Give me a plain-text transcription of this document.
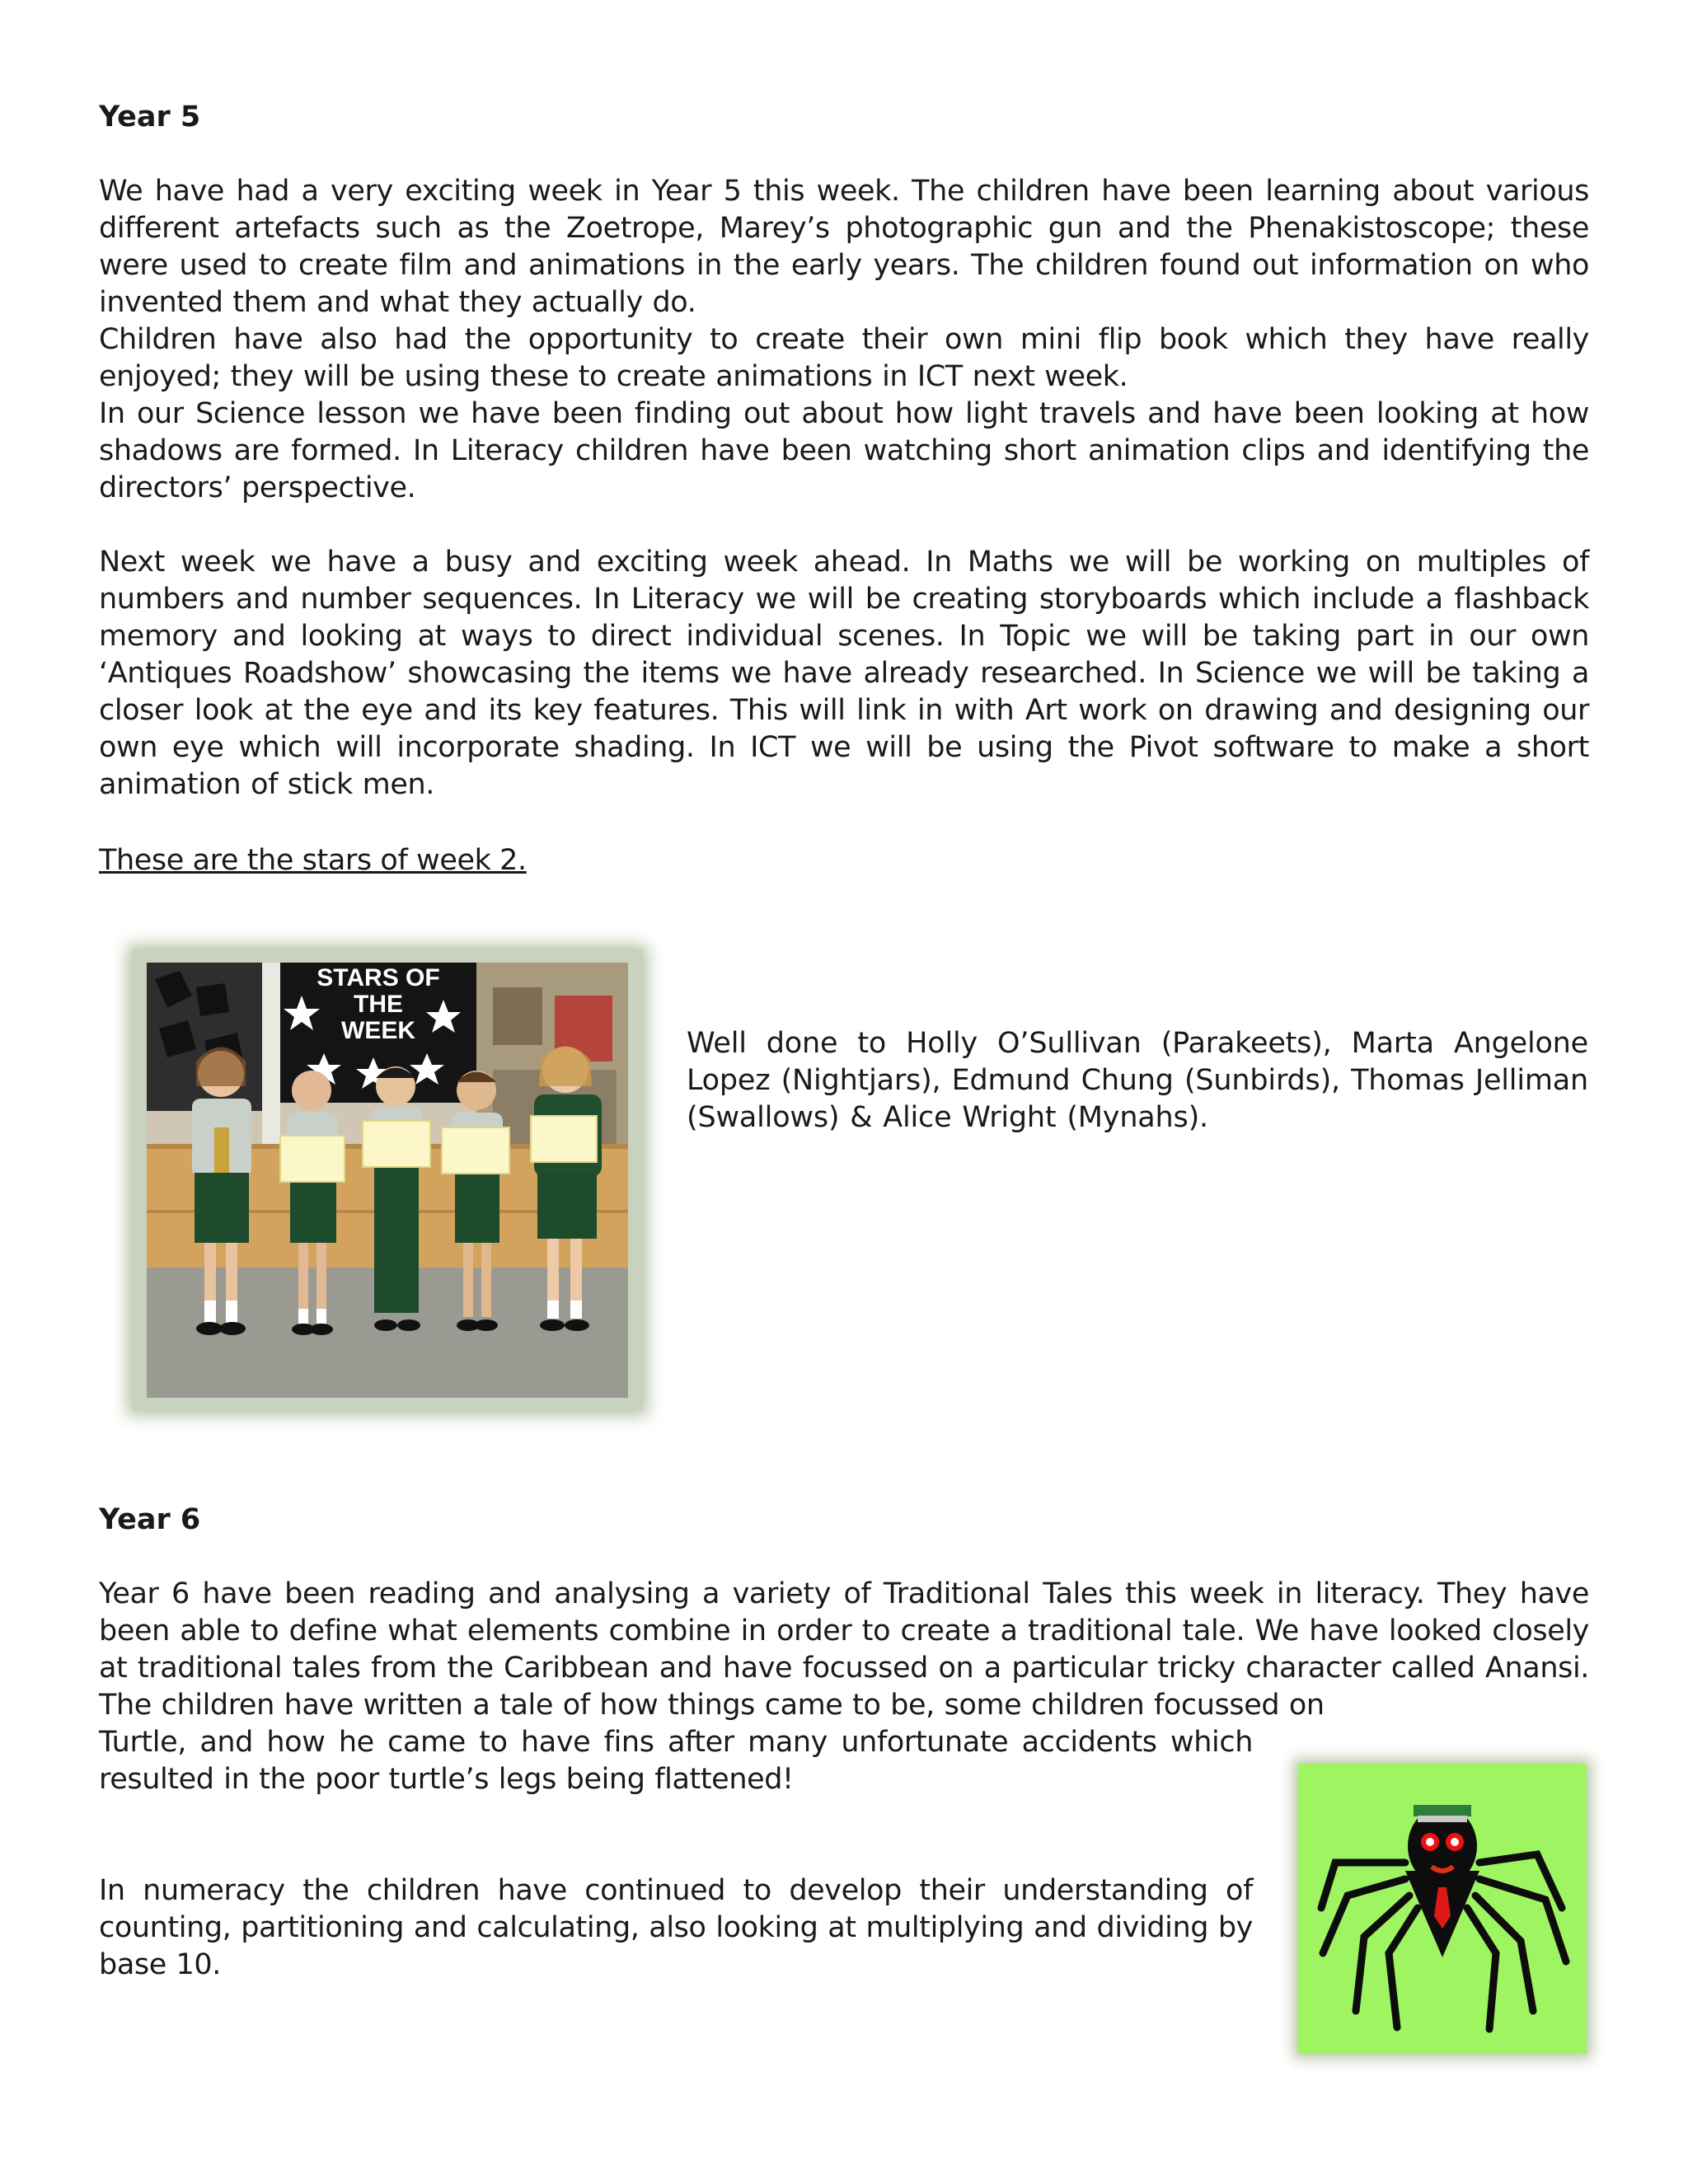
Year 5

We have had a very exciting week in Year 5 this week. The children have been learning about various different artefacts such as the Zoetrope, Marey’s photographic gun and the Phenakistoscope; these were used to create film and animations in the early years. The children found out information on who invented them and what they actually do.

Children have also had the opportunity to create their own mini flip book which they have really enjoyed; they will be using these to create animations in ICT next week.

In our Science lesson we have been finding out about how light travels and have been looking at how shadows are formed. In Literacy children have been watching short animation clips and identifying the directors’ perspective.

Next week we have a busy and exciting week ahead. In Maths we will be working on multiples of numbers and number sequences. In Literacy we will be creating storyboards which include a flashback memory and looking at ways to direct individual scenes. In Topic we will be taking part in our own ‘Antiques Roadshow’ showcasing the items we have already researched. In Science we will be taking a closer look at the eye and its key features. This will link in with Art work on drawing and designing our own eye which will incorporate shading. In ICT we will be using the Pivot software to make a short animation of stick men.

These are the stars of week 2.

STARS OF
THE
WEEK	Well done to Holly O’Sullivan (Parakeets), Marta Angelone Lopez (Nightjars), Edmund Chung (Sunbirds), Thomas Jelliman (Swallows) & Alice Wright (Mynahs).

Year 6

Year 6 have been reading and analysing a variety of Traditional Tales this week in literacy. They have been able to define what elements combine in order to create a traditional tale. We have looked closely at traditional tales from the Caribbean and have focussed on a particular tricky character called Anansi. The children have written a tale of how things came to be, some children focussed on

Turtle, and how he came to have fins after many unfortunate accidents which resulted in the poor turtle’s legs being flattened!

In numeracy the children have continued to develop their understanding of counting, partitioning and calculating, also looking at multiplying and dividing by base 10.
